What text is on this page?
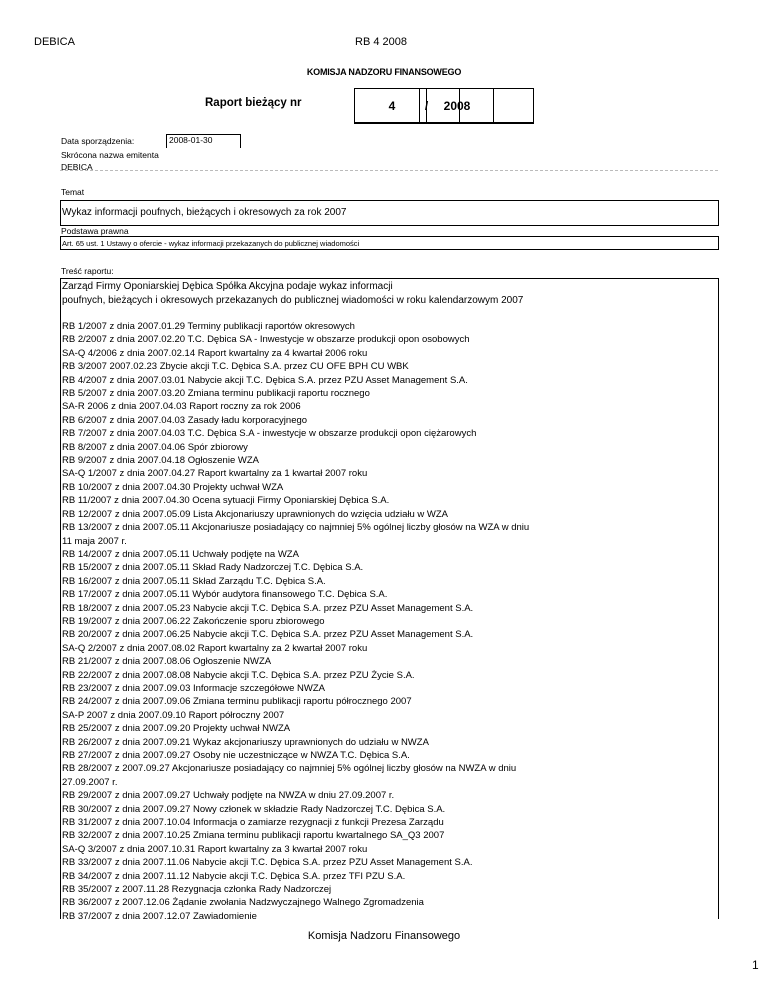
DEBICA	RB 4 2008
KOMISJA NADZORU FINANSOWEGO
Raport bieżący nr	4 / 2008
Data sporządzenia:	2008-01-30
Skrócona nazwa emitenta
DEBICA
Temat
Wykaz informacji poufnych, bieżących i okresowych za rok 2007
Podstawa prawna
Art. 65 ust. 1 Ustawy o ofercie - wykaz informacji przekazanych do publicznej wiadomości
Treść raportu:
Zarząd Firmy Oponiarskiej Dębica Spółka Akcyjna podaje wykaz informacji
poufnych, bieżących i okresowych przekazanych do publicznej wiadomości w roku kalendarzowym 2007
RB 1/2007 z dnia 2007.01.29 Terminy publikacji raportów okresowych
RB 2/2007 z dnia 2007.02.20 T.C. Dębica SA - Inwestycje w obszarze produkcji opon osobowych
SA-Q 4/2006 z dnia 2007.02.14 Raport kwartalny za 4 kwartał 2006 roku
RB 3/2007 2007.02.23 Zbycie akcji T.C. Dębica S.A. przez CU OFE BPH CU WBK
RB 4/2007 z dnia 2007.03.01 Nabycie akcji T.C. Dębica S.A. przez PZU Asset Management S.A.
RB 5/2007 z dnia 2007.03.20 Zmiana terminu publikacji raportu rocznego
SA-R 2006 z dnia 2007.04.03 Raport roczny za rok 2006
RB 6/2007 z dnia 2007.04.03 Zasady ładu korporacyjnego
RB 7/2007 z dnia 2007.04.03 T.C. Dębica S.A - inwestycje w obszarze produkcji opon ciężarowych
RB 8/2007 z dnia 2007.04.06 Spór zbiorowy
RB 9/2007 z dnia 2007.04.18 Ogłoszenie WZA
SA-Q 1/2007 z dnia 2007.04.27 Raport kwartalny za 1 kwartał 2007 roku
RB 10/2007 z dnia 2007.04.30 Projekty uchwał WZA
RB 11/2007 z dnia 2007.04.30 Ocena sytuacji Firmy Oponiarskiej Dębica S.A.
RB 12/2007 z dnia 2007.05.09 Lista Akcjonariuszy uprawnionych do wzięcia udziału w WZA
RB 13/2007 z dnia 2007.05.11 Akcjonariusze posiadający co najmniej 5% ogólnej liczby głosów na WZA w dniu
11 maja 2007 r.
RB 14/2007 z dnia 2007.05.11 Uchwały podjęte na WZA
RB 15/2007 z dnia 2007.05.11 Skład Rady Nadzorczej T.C. Dębica S.A.
RB 16/2007 z dnia 2007.05.11 Skład Zarządu T.C. Dębica S.A.
RB 17/2007 z dnia 2007.05.11 Wybór audytora finansowego T.C. Dębica S.A.
RB 18/2007 z dnia 2007.05.23 Nabycie akcji T.C. Dębica S.A. przez PZU Asset Management S.A.
RB 19/2007 z dnia 2007.06.22 Zakończenie sporu zbiorowego
RB 20/2007 z dnia 2007.06.25 Nabycie akcji T.C. Dębica S.A. przez PZU Asset Management S.A.
SA-Q 2/2007 z dnia 2007.08.02 Raport kwartalny za 2 kwartał 2007 roku
RB 21/2007 z dnia 2007.08.06 Ogłoszenie NWZA
RB 22/2007 z dnia 2007.08.08 Nabycie akcji T.C. Dębica S.A. przez PZU Życie S.A.
RB 23/2007 z dnia 2007.09.03 Informacje szczegółowe NWZA
RB 24/2007 z dnia 2007.09.06 Zmiana terminu publikacji raportu półrocznego 2007
SA-P 2007 z dnia 2007.09.10 Raport półroczny 2007
RB 25/2007 z dnia 2007.09.20 Projekty uchwał NWZA
RB 26/2007 z dnia 2007.09.21 Wykaz akcjonariuszy uprawnionych do udziału w NWZA
RB 27/2007 z dnia 2007.09.27 Osoby nie uczestniczące w NWZA T.C. Dębica S.A.
RB 28/2007 z 2007.09.27 Akcjonariusze posiadający co najmniej 5% ogólnej liczby głosów na NWZA w dniu
27.09.2007 r.
RB 29/2007 z dnia 2007.09.27 Uchwały podjęte na NWZA w dniu 27.09.2007 r.
RB 30/2007 z dnia 2007.09.27 Nowy członek w składzie Rady Nadzorczej T.C. Dębica S.A.
RB 31/2007 z dnia 2007.10.04 Informacja o zamiarze rezygnacji z funkcji Prezesa Zarządu
RB 32/2007 z dnia 2007.10.25 Zmiana terminu publikacji raportu kwartalnego SA_Q3 2007
SA-Q 3/2007 z dnia 2007.10.31 Raport kwartalny za 3 kwartał 2007 roku
RB 33/2007 z dnia 2007.11.06 Nabycie akcji T.C. Dębica S.A. przez PZU Asset Management S.A.
RB 34/2007 z dnia 2007.11.12 Nabycie akcji T.C. Dębica S.A. przez TFI PZU S.A.
RB 35/2007 z 2007.11.28 Rezygnacja członka Rady Nadzorczej
RB 36/2007 z 2007.12.06 Żądanie zwołania Nadzwyczajnego Walnego Zgromadzenia
RB 37/2007 z dnia 2007.12.07 Zawiadomienie
Komisja Nadzoru Finansowego
1
